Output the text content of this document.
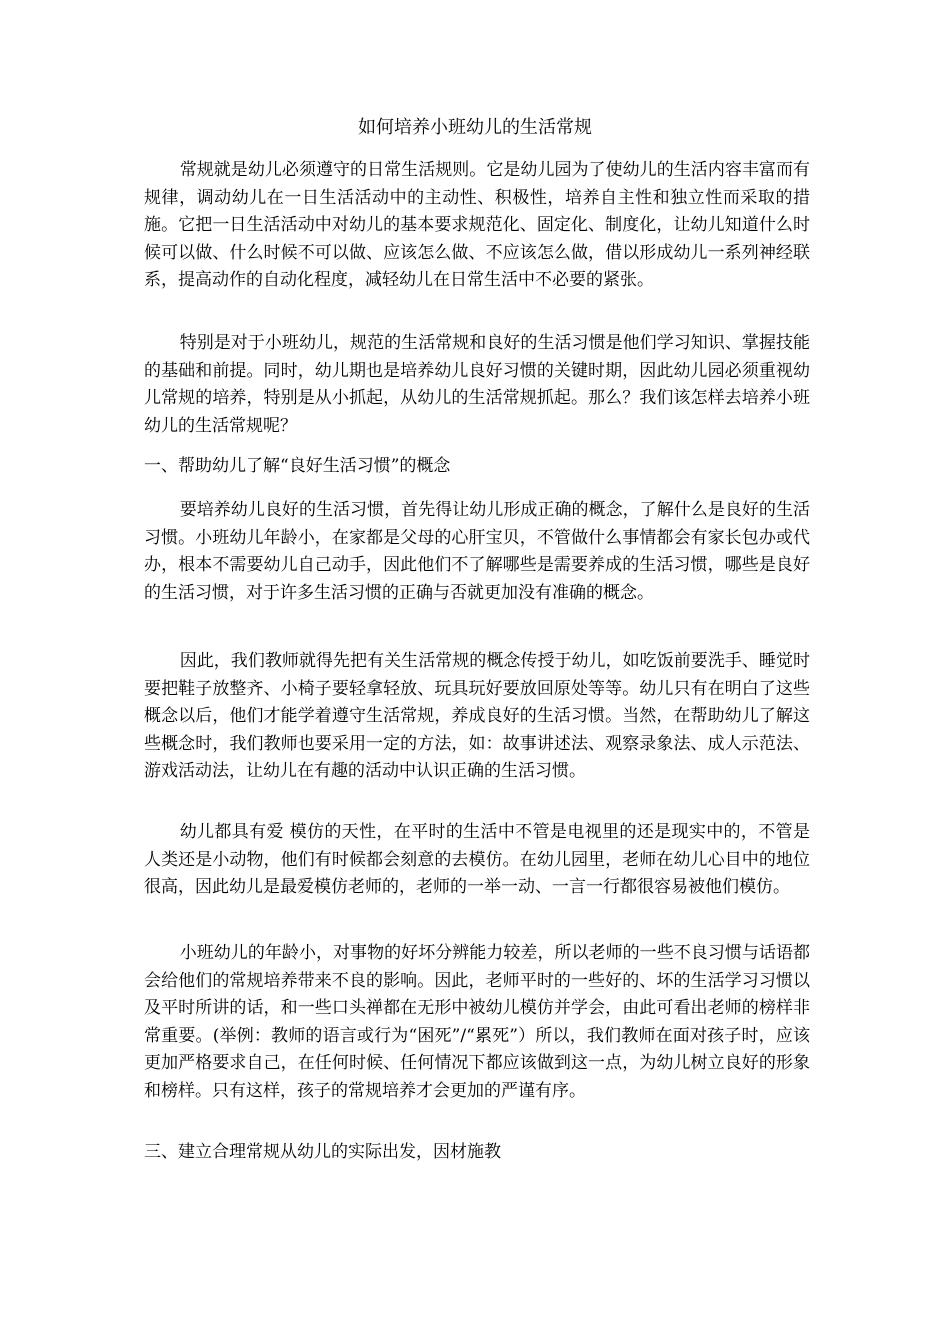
如何培养小班幼儿的生活常规

常规就是幼儿必须遵守的日常生活规则。它是幼儿园为了使幼儿的生活内容丰富而有规律，调动幼儿在一日生活活动中的主动性、积极性，培养自主性和独立性而采取的措施。它把一日生活活动中对幼儿的基本要求规范化、固定化、制度化，让幼儿知道什么时候可以做、什么时候不可以做、应该怎么做、不应该怎么做，借以形成幼儿一系列神经联系，提高动作的自动化程度，减轻幼儿在日常生活中不必要的紧张。

特别是对于小班幼儿，规范的生活常规和良好的生活习惯是他们学习知识、掌握技能的基础和前提。同时，幼儿期也是培养幼儿良好习惯的关键时期，因此幼儿园必须重视幼儿常规的培养，特别是从小抓起，从幼儿的生活常规抓起。那么？我们该怎样去培养小班幼儿的生活常规呢？

一、帮助幼儿了解“良好生活习惯”的概念

要培养幼儿良好的生活习惯，首先得让幼儿形成正确的概念，了解什么是良好的生活习惯。小班幼儿年龄小，在家都是父母的心肝宝贝，不管做什么事情都会有家长包办或代办，根本不需要幼儿自己动手，因此他们不了解哪些是需要养成的生活习惯，哪些是良好的生活习惯，对于许多生活习惯的正确与否就更加没有准确的概念。

因此，我们教师就得先把有关生活常规的概念传授于幼儿，如吃饭前要洗手、睡觉时要把鞋子放整齐、小椅子要轻拿轻放、玩具玩好要放回原处等等。幼儿只有在明白了这些概念以后，他们才能学着遵守生活常规，养成良好的生活习惯。当然，在帮助幼儿了解这些概念时，我们教师也要采用一定的方法，如：故事讲述法、观察录象法、成人示范法、游戏活动法，让幼儿在有趣的活动中认识正确的生活习惯。

幼儿都具有爱 模仿的天性，在平时的生活中不管是电视里的还是现实中的，不管是人类还是小动物，他们有时候都会刻意的去模仿。在幼儿园里，老师在幼儿心目中的地位很高，因此幼儿是最爱模仿老师的，老师的一举一动、一言一行都很容易被他们模仿。

小班幼儿的年龄小，对事物的好坏分辨能力较差，所以老师的一些不良习惯与话语都会给他们的常规培养带来不良的影响。因此，老师平时的一些好的、坏的生活学习习惯以及平时所讲的话，和一些口头禅都在无形中被幼儿模仿并学会，由此可看出老师的榜样非常重要。(举例：教师的语言或行为“困死”/“累死”）所以，我们教师在面对孩子时，应该更加严格要求自己，在任何时候、任何情况下都应该做到这一点，为幼儿树立良好的形象和榜样。只有这样，孩子的常规培养才会更加的严谨有序。

三、建立合理常规从幼儿的实际出发，因材施教
